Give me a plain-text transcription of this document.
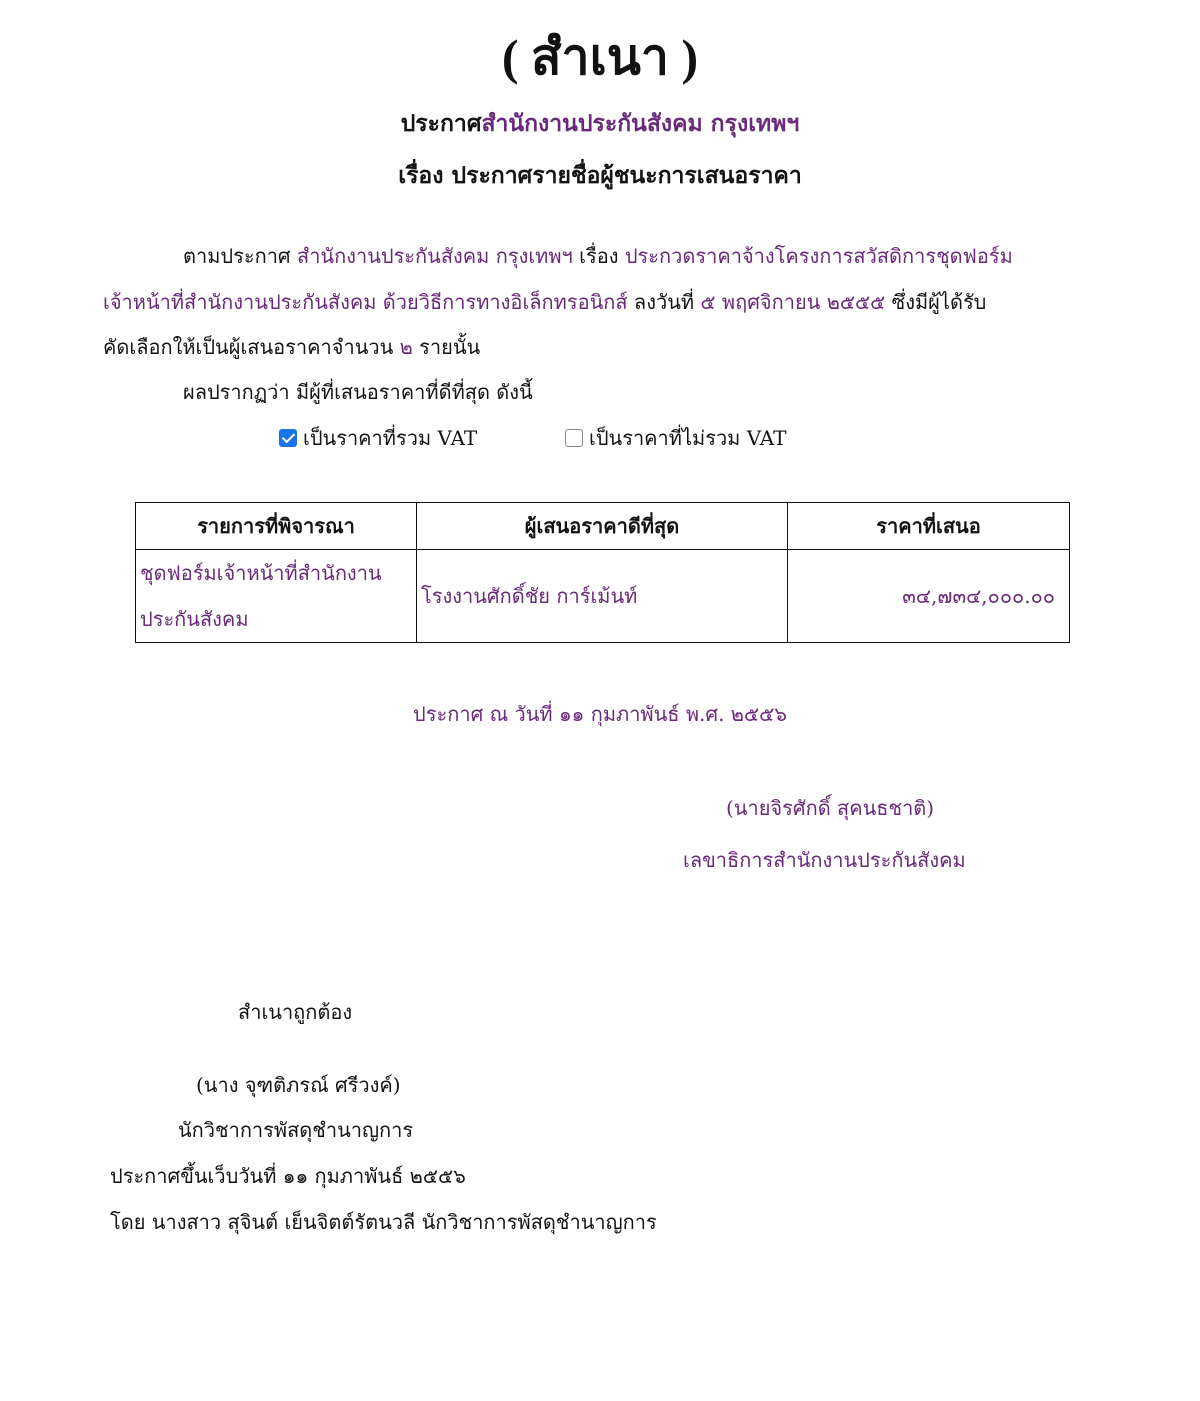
( สำเนา )
ประกาศสำนักงานประกันสังคม กรุงเทพฯ
เรื่อง ประกาศรายชื่อผู้ชนะการเสนอราคา
ตามประกาศ สำนักงานประกันสังคม กรุงเทพฯ เรื่อง ประกวดราคาจ้างโครงการสวัสดิการชุดฟอร์ม
เจ้าหน้าที่สำนักงานประกันสังคม ด้วยวิธีการทางอิเล็กทรอนิกส์ ลงวันที่ ๕ พฤศจิกายน ๒๕๕๕ ซึ่งมีผู้ได้รับ
คัดเลือกให้เป็นผู้เสนอราคาจำนวน ๒ รายนั้น
ผลปรากฏว่า มีผู้ที่เสนอราคาที่ดีที่สุด ดังนี้
เป็นราคาที่รวม VAT	เป็นราคาที่ไม่รวม VAT
รายการที่พิจารณา	ผู้เสนอราคาดีที่สุด	ราคาที่เสนอ
ชุดฟอร์มเจ้าหน้าที่สำนักงาน
ประกันสังคม	โรงงานศักดิ์ชัย การ์เม้นท์	๓๔,๗๓๔,๐๐๐.๐๐
ประกาศ ณ วันที่ ๑๑ กุมภาพันธ์ พ.ศ. ๒๕๕๖
(นายจิรศักดิ์ สุคนธชาติ)
เลขาธิการสำนักงานประกันสังคม
สำเนาถูกต้อง
(นาง จุฑติภรณ์ ศรีวงค์)
นักวิชาการพัสดุชำนาญการ
ประกาศขึ้นเว็บวันที่ ๑๑ กุมภาพันธ์ ๒๕๕๖
โดย นางสาว สุจินต์ เย็นจิตต์รัตนวลี นักวิชาการพัสดุชำนาญการ
